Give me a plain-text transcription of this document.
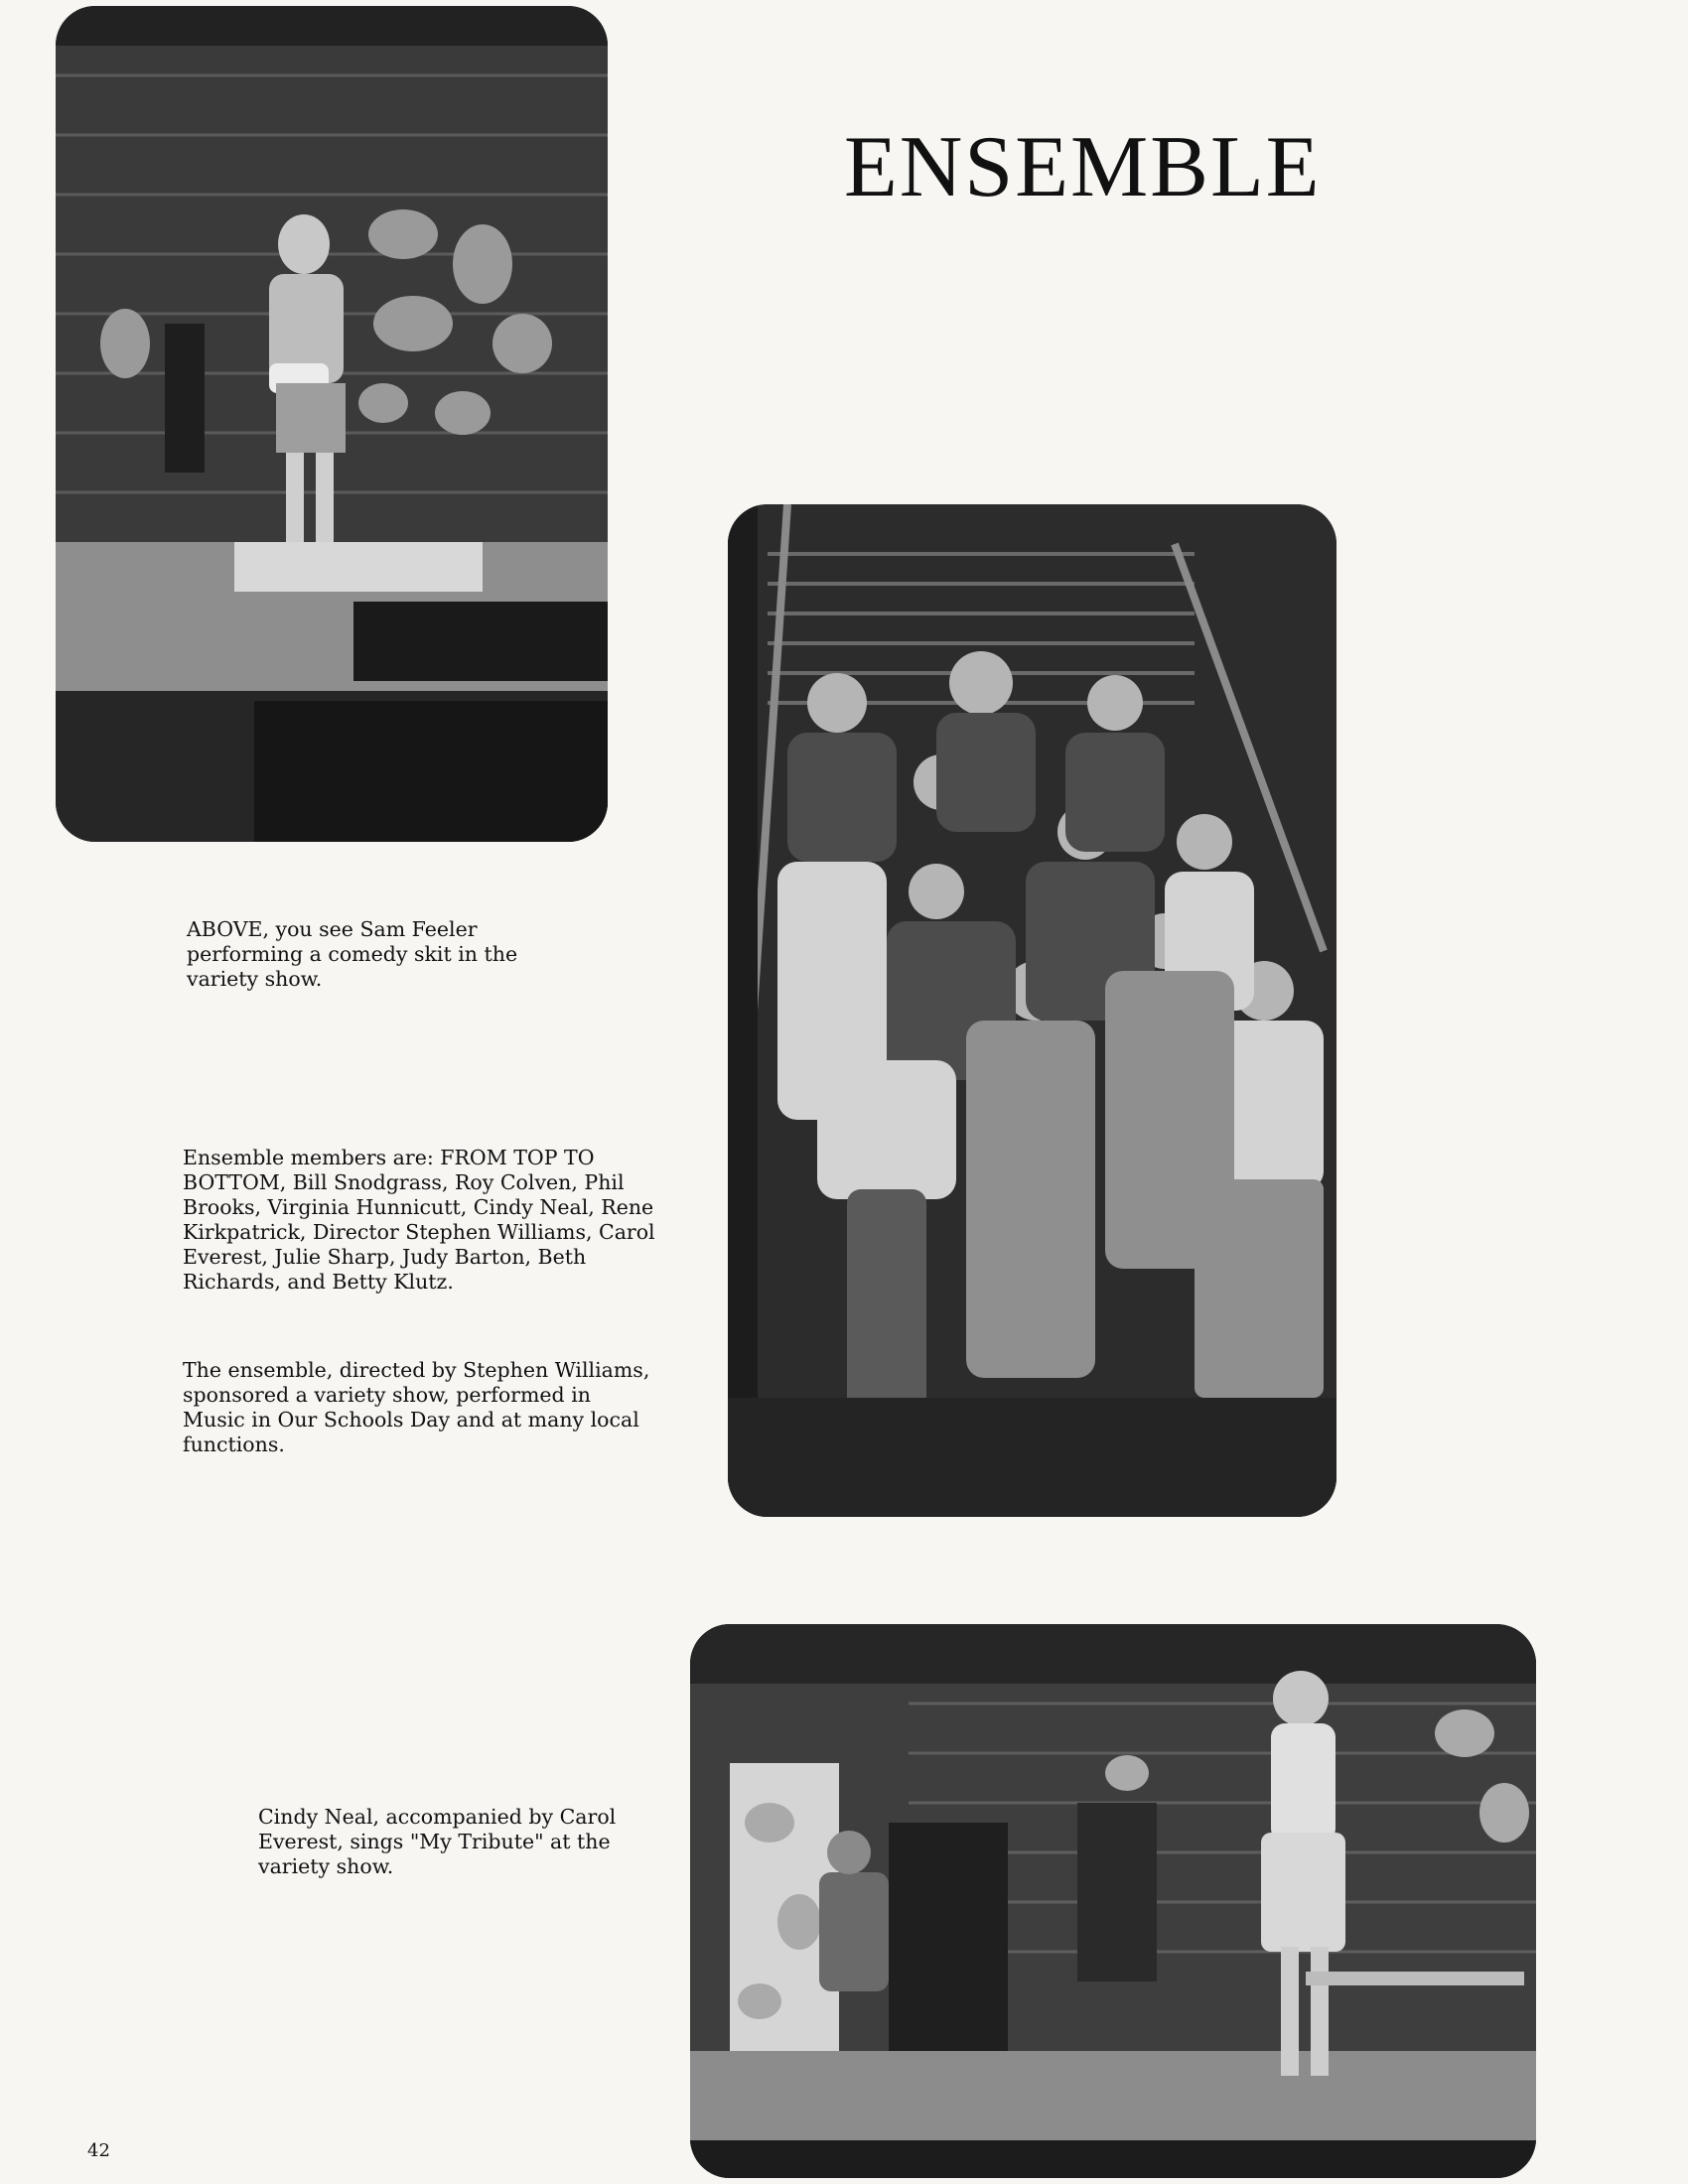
ENSEMBLE

ABOVE, you see Sam Feeler performing a comedy skit in the variety show.

Ensemble members are: FROM TOP TO BOTTOM, Bill Snodgrass, Roy Colven, Phil Brooks, Virginia Hunnicutt, Cindy Neal, Rene Kirkpatrick, Director Stephen Williams, Carol Everest, Julie Sharp, Judy Barton, Beth Richards, and Betty Klutz.

The ensemble, directed by Stephen Williams, sponsored a variety show, performed in Music in Our Schools Day and at many local functions.

Cindy Neal, accompanied by Carol Everest, sings "My Tribute" at the variety show.

42
